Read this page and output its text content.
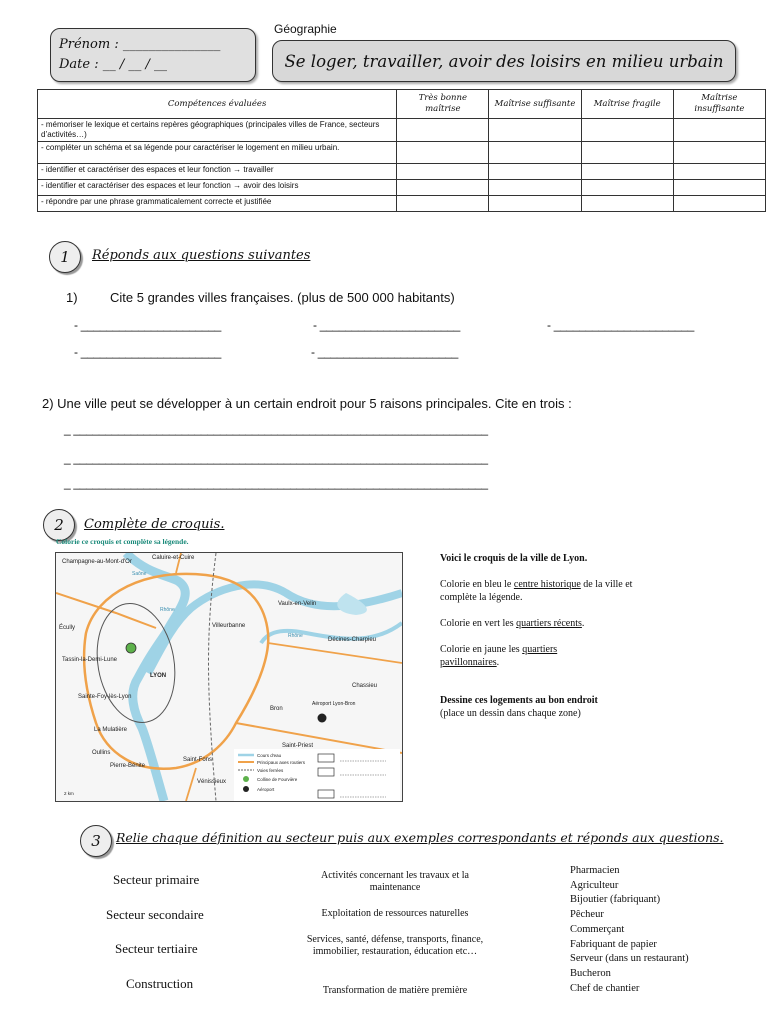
Géographie
Prénom : _______________
Date : __ / __ / __	Se loger, travailler, avoir des loisirs en milieu urbain
Compétences évaluées	Très bonne maîtrise	Maîtrise suffisante	Maîtrise fragile	Maîtrise insuffisante
- mémoriser le lexique et certains repères géographiques (principales villes de France, secteurs d’activités…)				
- compléter un schéma et sa légende pour caractériser le logement en milieu urbain.				
- identifier et caractériser des espaces et leur fonction → travailler				
- identifier et caractériser des espaces et leur fonction → avoir des loisirs				
- répondre par une phrase grammaticalement correcte et justifiée				
1	Réponds aux questions suivantes
1) Cite 5 grandes villes françaises. (plus de 500 000 habitants)
- ______________________	- ______________________	- ______________________
- ______________________	- ______________________
2) Une ville peut se développer à un certain endroit pour 5 raisons principales. Cite en trois :
_ _________________________________________________________________
_ _________________________________________________________________
_ _________________________________________________________________
2	Complète de croquis.
Colorie ce croquis et complète sa légende.
Champagne-au-Mont-d'Or
Caluire-et-Cuire
Vaulx-en-Velin
Écully	Villeurbanne
Décines-Charpieu
Tassin-la-Demi-Lune
LYON
Chassieu
Sainte-Foy-lès-Lyon
La Mulatière
Bron
Aéroport Lyon-Bron
Oullins
Pierre-Bénite
Saint-Fons
Saint-Priest
Vénissieux
Saône
Rhône
Rhône
2 km
Cours d'eau
Principaux axes routiers
Voies ferrées
Colline de Fourvière
Aéroport
Voici le croquis de la ville de Lyon.
Colorie en bleu le centre historique de la ville et complète la légende.
Colorie en vert les quartiers récents.
Colorie en jaune les quartiers pavillonnaires.
Dessine ces logements au bon endroit
(place un dessin dans chaque zone)
3	Relie chaque définition au secteur puis aux exemples correspondants et réponds aux questions.
Secteur primaire
Secteur secondaire
Secteur tertiaire
Construction
Activités concernant les travaux et la maintenance
Exploitation de ressources naturelles
Services, santé, défense, transports, finance, immobilier, restauration, éducation etc…
Transformation de matière première
Pharmacien
Agriculteur
Bijoutier (fabriquant)
Pêcheur
Commerçant
Fabriquant de papier
Serveur (dans un restaurant)
Bucheron
Chef de chantier
